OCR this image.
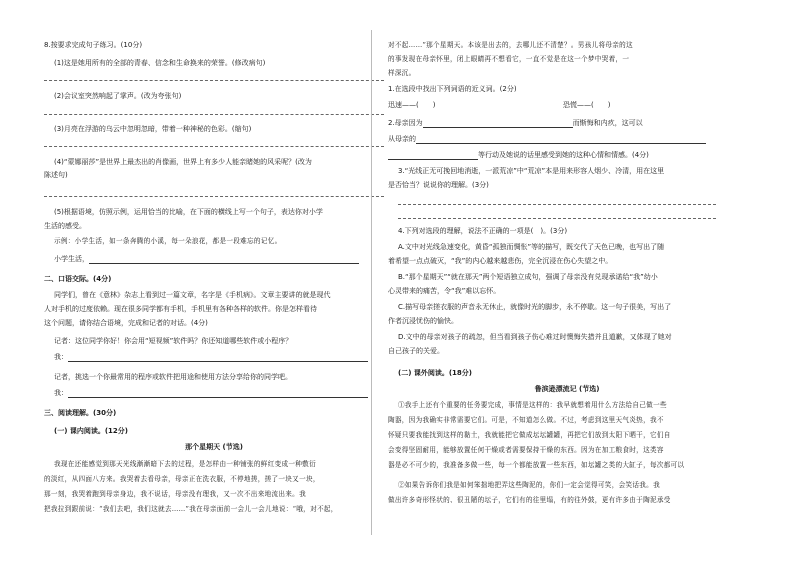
8.按要求完成句子练习。(10分)
(1)这是她用所有的全部的青春、信念和生命换来的荣誉。(修改病句)
(2)会议室突然响起了掌声。(改为夸张句)
(3)月亮在浮游的乌云中忽明忽暗，带着一种神秘的色彩。(缩句)
(4)“蒙娜丽莎”是世界上最杰出的肖像画，世界上有多少人能亲睹她的风采呢？(改为
陈述句)
(5)根据语境，仿照示例，运用恰当的比喻，在下面的横线上写一个句子，表达你对小学
生活的感受。
示例：小学生活，如一条奔腾的小溪，每一朵浪花，都是一段难忘的记忆。
小学生活，
二、口语交际。(4分)
同学们，曾在《意林》杂志上看到过一篇文章，名字是《手机病》。文章主要讲的就是现代
人对手机的过度依赖。现在很多同学都有手机，手机里有各种各样的软件。你是怎样看待
这个问题，请你结合语境，完成和记者的对话。(4分)
记者：这位同学你好！你会用“短视频”软件吗？你还知道哪些软件或小程序？
我：
记者，挑选一个你最常用的程序或软件把用途和使用方法分享给你的同学吧。
我：
三、阅读理解。(30分)
(一) 课内阅读。(12分)
那个星期天 (节选)
我现在还能感觉到那天光线漸漸暗下去的过程，是怎样由一种铺张的鲜红变成一种敷衍
的淡红，从四面八方来。我哭着去看母亲，母亲正在洗衣服，不停地搓，搓了一块又一块，
那一刻，我哭着跑到母亲身边，我不说话，母亲没有理我，又一次不出来地流出来。我
把我拉到跟前说：“我们去吧，我们这就去……”我在母亲面前一会儿一会儿地说：“哦，对不起，
对不起……”那个星期天。本该是出去的，去哪儿还不清楚？。男孩儿将母亲的这
的事发现在母亲怀里，闭上眼睛再不想看它，一直不觉是在这一个梦中哭着，一
样深沉。
1.在选段中找出下列词语的近义词。(2分)
迅速——(　　)	恐慌——(　　)
2.母亲因为	而惭悔和内疚，这可以
从母亲的
等行动及她说的话里感受到她的这种心情和情感。(4分)
3.“光线正无可挽回地消逝，一派荒凉”中“荒凉”本是用来形容人烟少、冷清，用在这里
是否恰当？说说你的理解。(3分)
4.下列对选段的理解，说法不正确的一项是(　)。(3分)
A.文中对光线急速变化，黄昏“孤独而惆怅”等的描写，既交代了天色已晚，也写出了随
着希望一点点破灭，“我”的内心越来越悲伤，完全沉浸在伤心失望之中。
B.“那个星期天”“就在那天”两个短语独立成句，强调了母亲没有兑现承诺给“我”幼小
心灵带来的痛苦，令“我”难以忘怀。
C.描写母亲搓衣服的声音永无休止，就像时光的脚步，永不停歇。这一句子很美，写出了
作者沉浸忧伤的愉快。
D.文中的母亲对孩子的疏忽，但当看到孩子伤心难过时懊悔失措并且道歉，又体现了她对
自己孩子的关爱。
(二) 课外阅读。(18分)
鲁滨逊漂流记 (节选)
①我手上还有个重要的任务要完成，事情是这样的：我早就想着用什么方法给自己做一些
陶器，因为我确实非常需要它们。可是，不知道怎么做。不过，考虑到这里天气炎热，我不
怀疑只要我能找到这样的黏土，我就能把它做成坛坛罐罐，再把它们放到太阳下晒干，它们自
会变得坚固耐用，能够放置任何干燥或者需要保持干燥的东西。因为在加工粮食时，这类容
器是必不可少的，我准备多做一些，每一个都能放置一些东西，如坛罐之类的大缸子，每次都可以
②如果告诉你们我是如何笨拙地把弄这些陶泥的，你们一定会觉得可笑，会笑话我。我
做出许多奇形怪状的、很丑陋的坛子，它们有的往里塌，有的往外鼓，更有许多由于陶泥承受
